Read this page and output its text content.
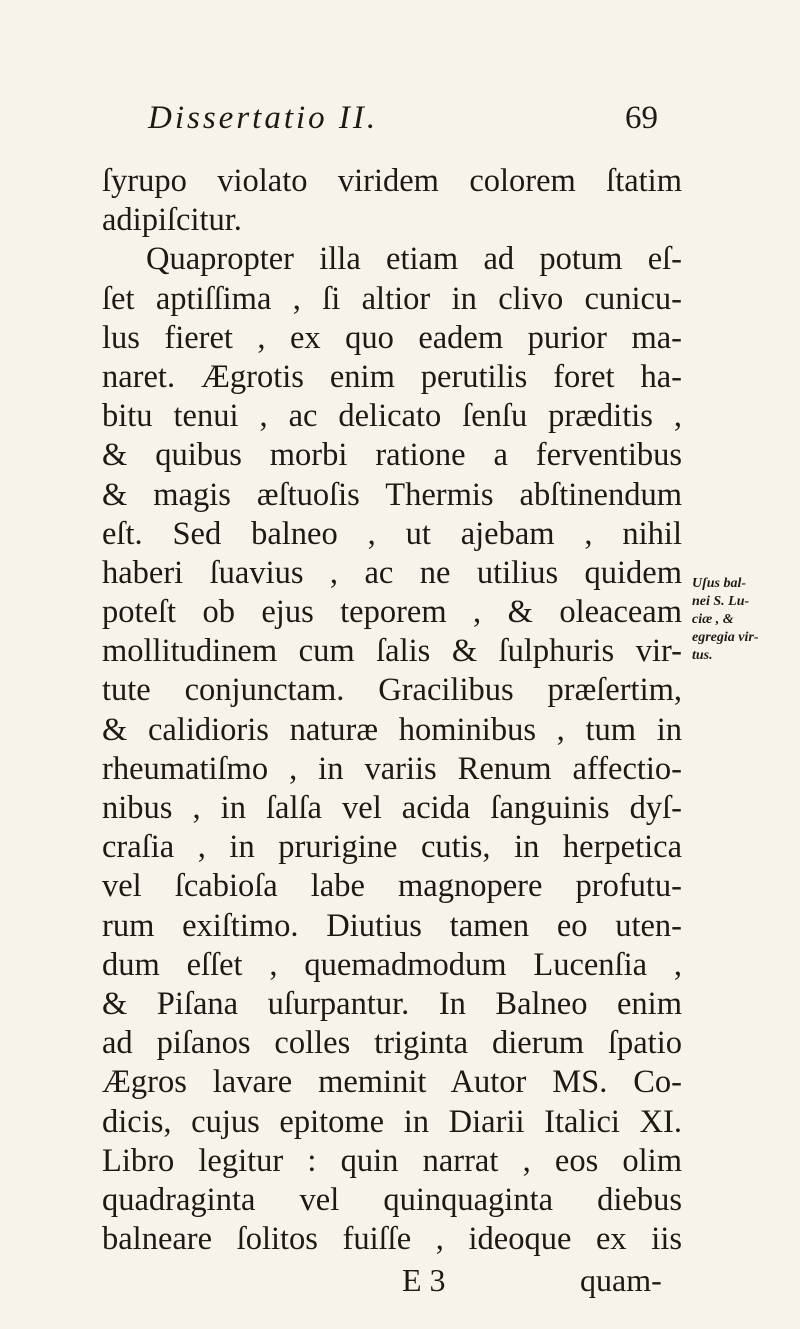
Dissertatio II.	69
ſyrupo violato viridem colorem ſtatim
adipiſcitur.
Quapropter illa etiam ad potum eſ-
ſet aptiſſima , ſi altior in clivo cunicu-
lus fieret , ex quo eadem purior ma-
naret. Ægrotis enim perutilis foret ha-
bitu tenui , ac delicato ſenſu præditis ,
& quibus morbi ratione a ferventibus
& magis æſtuoſis Thermis abſtinendum
eſt. Sed balneo , ut ajebam , nihil
haberi ſuavius , ac ne utilius quidem
poteſt ob ejus teporem , & oleaceam
mollitudinem cum ſalis & ſulphuris vir-
tute conjunctam. Gracilibus præſertim,
& calidioris naturæ hominibus , tum in
rheumatiſmo , in variis Renum affectio-
nibus , in ſalſa vel acida ſanguinis dyſ-
craſia , in prurigine cutis, in herpetica
vel ſcabioſa labe magnopere profutu-
rum exiſtimo. Diutius tamen eo uten-
dum eſſet , quemadmodum Lucenſia ,
& Piſana uſurpantur. In Balneo enim
ad piſanos colles triginta dierum ſpatio
Ægros lavare meminit Autor MS. Co-
dicis, cujus epitome in Diarii Italici XI.
Libro legitur : quin narrat , eos olim
quadraginta vel quinquaginta diebus
balneare ſolitos fuiſſe , ideoque ex iis
Uſus bal-
nei S. Lu-
ciæ , &
egregia vir-
tus.
E 3	quam-
